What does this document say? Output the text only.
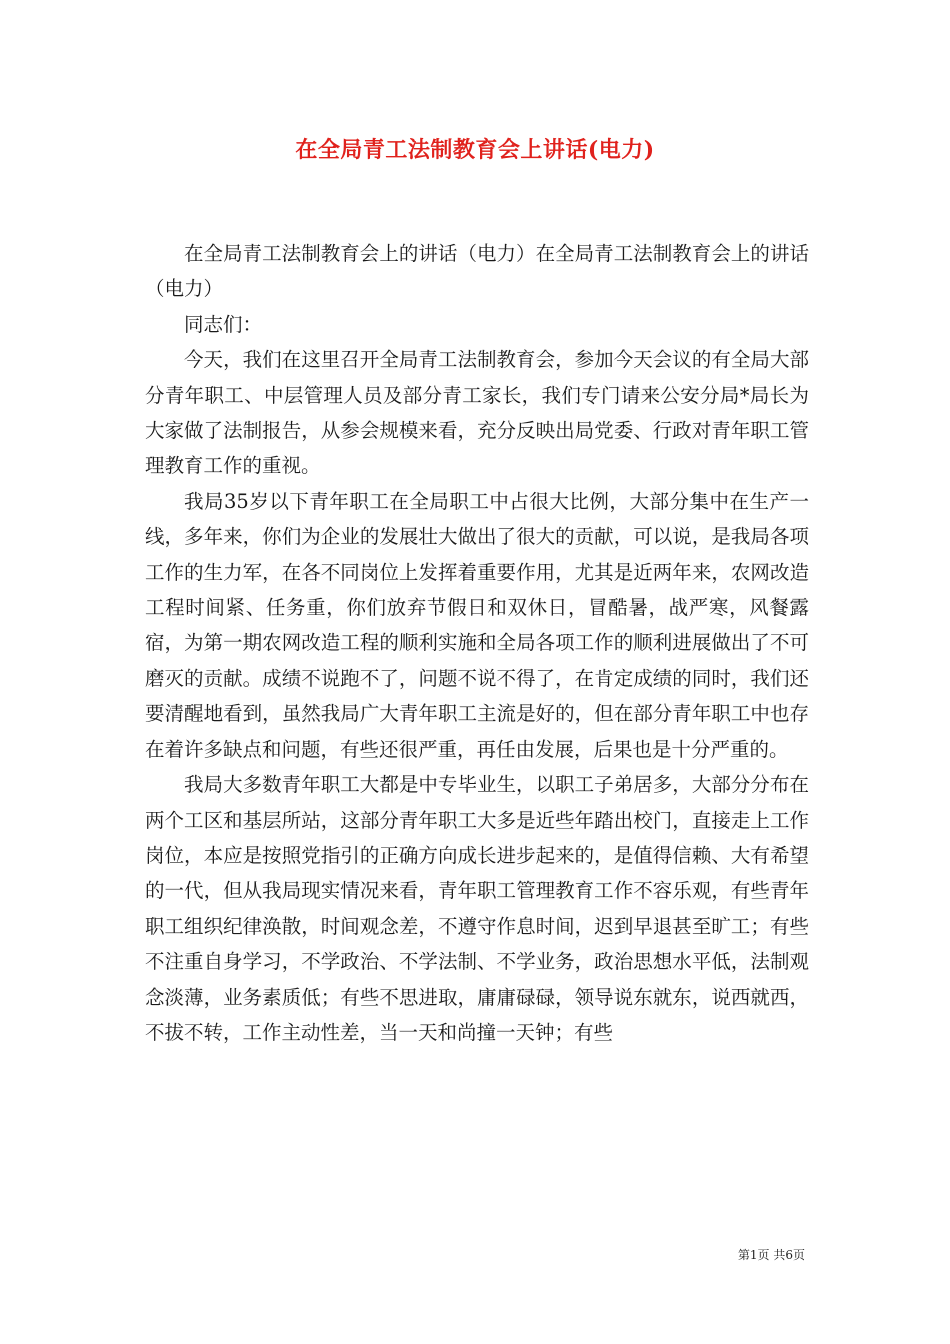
在全局青工法制教育会上讲话(电力)

在全局青工法制教育会上的讲话（电力）在全局青工法制教育会上的讲话（电力）

同志们：

今天，我们在这里召开全局青工法制教育会，参加今天会议的有全局大部分青年职工、中层管理人员及部分青工家长，我们专门请来公安分局*局长为大家做了法制报告，从参会规模来看，充分反映出局党委、行政对青年职工管理教育工作的重视。

我局35岁以下青年职工在全局职工中占很大比例，大部分集中在生产一线，多年来，你们为企业的发展壮大做出了很大的贡献，可以说，是我局各项工作的生力军，在各不同岗位上发挥着重要作用，尤其是近两年来，农网改造工程时间紧、任务重，你们放弃节假日和双休日，冒酷暑，战严寒，风餐露宿，为第一期农网改造工程的顺利实施和全局各项工作的顺利进展做出了不可磨灭的贡献。成绩不说跑不了，问题不说不得了，在肯定成绩的同时，我们还要清醒地看到，虽然我局广大青年职工主流是好的，但在部分青年职工中也存在着许多缺点和问题，有些还很严重，再任由发展，后果也是十分严重的。

我局大多数青年职工大都是中专毕业生，以职工子弟居多，大部分分布在两个工区和基层所站，这部分青年职工大多是近些年踏出校门，直接走上工作岗位，本应是按照党指引的正确方向成长进步起来的，是值得信赖、大有希望的一代，但从我局现实情况来看，青年职工管理教育工作不容乐观，有些青年职工组织纪律涣散，时间观念差，不遵守作息时间，迟到早退甚至旷工；有些不注重自身学习，不学政治、不学法制、不学业务，政治思想水平低，法制观念淡薄，业务素质低；有些不思进取，庸庸碌碌，领导说东就东，说西就西，不拔不转，工作主动性差，当一天和尚撞一天钟；有些

第1页 共6页
